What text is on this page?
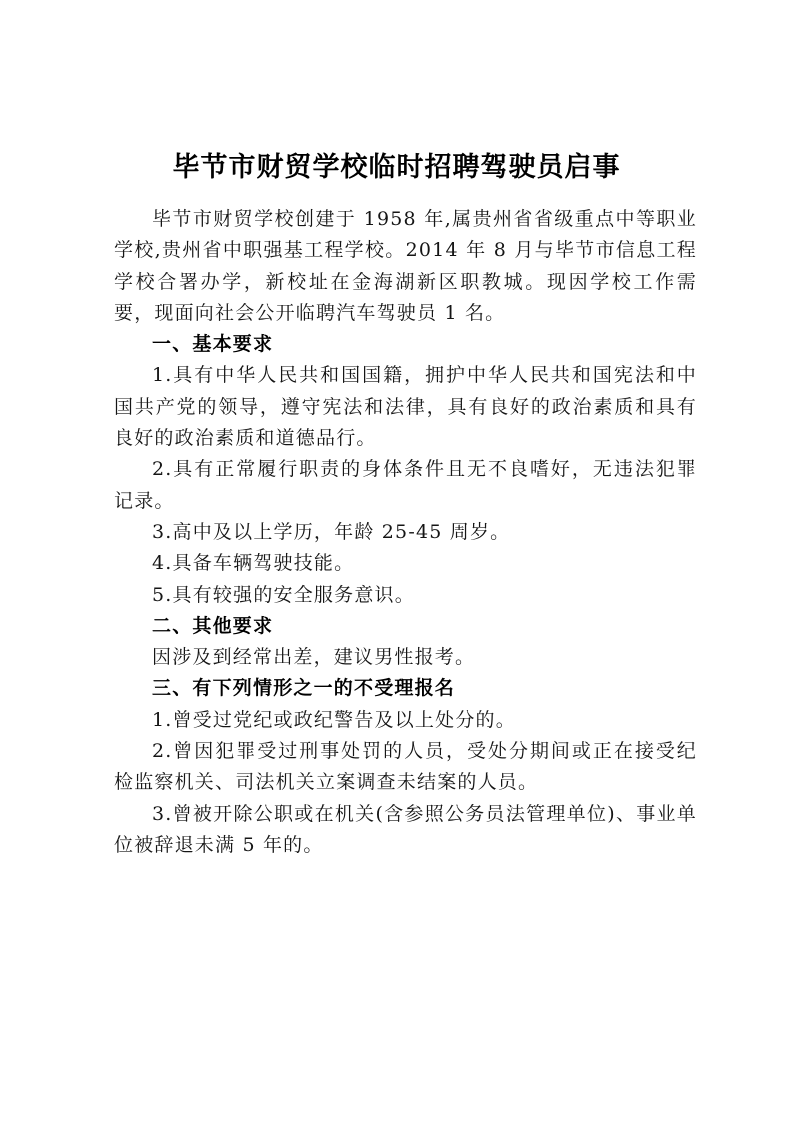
毕节市财贸学校临时招聘驾驶员启事

毕节市财贸学校创建于 1958 年,属贵州省省级重点中等职业学校,贵州省中职强基工程学校。2014 年 8 月与毕节市信息工程学校合署办学，新校址在金海湖新区职教城。现因学校工作需要，现面向社会公开临聘汽车驾驶员 1 名。

一、基本要求

1.具有中华人民共和国国籍，拥护中华人民共和国宪法和中国共产党的领导，遵守宪法和法律，具有良好的政治素质和具有良好的政治素质和道德品行。

2.具有正常履行职责的身体条件且无不良嗜好，无违法犯罪记录。

3.高中及以上学历，年龄 25-45 周岁。

4.具备车辆驾驶技能。

5.具有较强的安全服务意识。

二、其他要求

因涉及到经常出差，建议男性报考。

三、有下列情形之一的不受理报名

1.曾受过党纪或政纪警告及以上处分的。

2.曾因犯罪受过刑事处罚的人员，受处分期间或正在接受纪检监察机关、司法机关立案调查未结案的人员。

3.曾被开除公职或在机关(含参照公务员法管理单位)、事业单位被辞退未满 5 年的。
